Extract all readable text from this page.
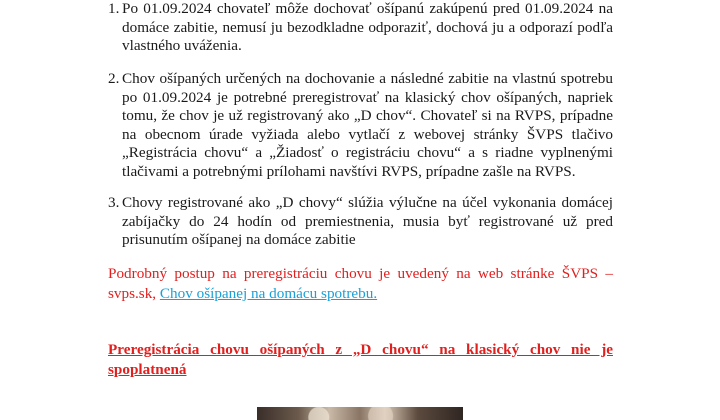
1. Po 01.09.2024 chovateľ môže dochovať ošípanú zakúpenú pred 01.09.2024 na domáce zabitie, nemusí ju bezodkladne odporaziť, dochová ju a odporazí podľa vlastného uváženia.
2. Chov ošípaných určených na dochovanie a následné zabitie na vlastnú spotrebu po 01.09.2024 je potrebné preregistrovať na klasický chov ošípaných, napriek tomu, že chov je už registrovaný ako „D chov“. Chovateľ si na RVPS, prípadne na obecnom úrade vyžiada alebo vytlačí z webovej stránky ŠVPS tlačivo „Registrácia chovu“ a „Žiadosť o registráciu chovu“ a s riadne vyplnenými tlačivami a potrebnými prílohami navštívi RVPS, prípadne zašle na RVPS.
3. Chovy registrované ako „D chovy“ slúžia výlučne na účel vykonania domácej zabíjačky do 24 hodín od premiestnenia, musia byť registrované už pred prisunutím ošípanej na domáce zabitie
Podrobný postup na preregistráciu chovu je uvedený na web stránke ŠVPS – svps.sk, Chov ošípanej na domácu spotrebu.
Preregistrácia chovu ošípaných z „D chovu“ na klasický chov nie je spoplatnená
